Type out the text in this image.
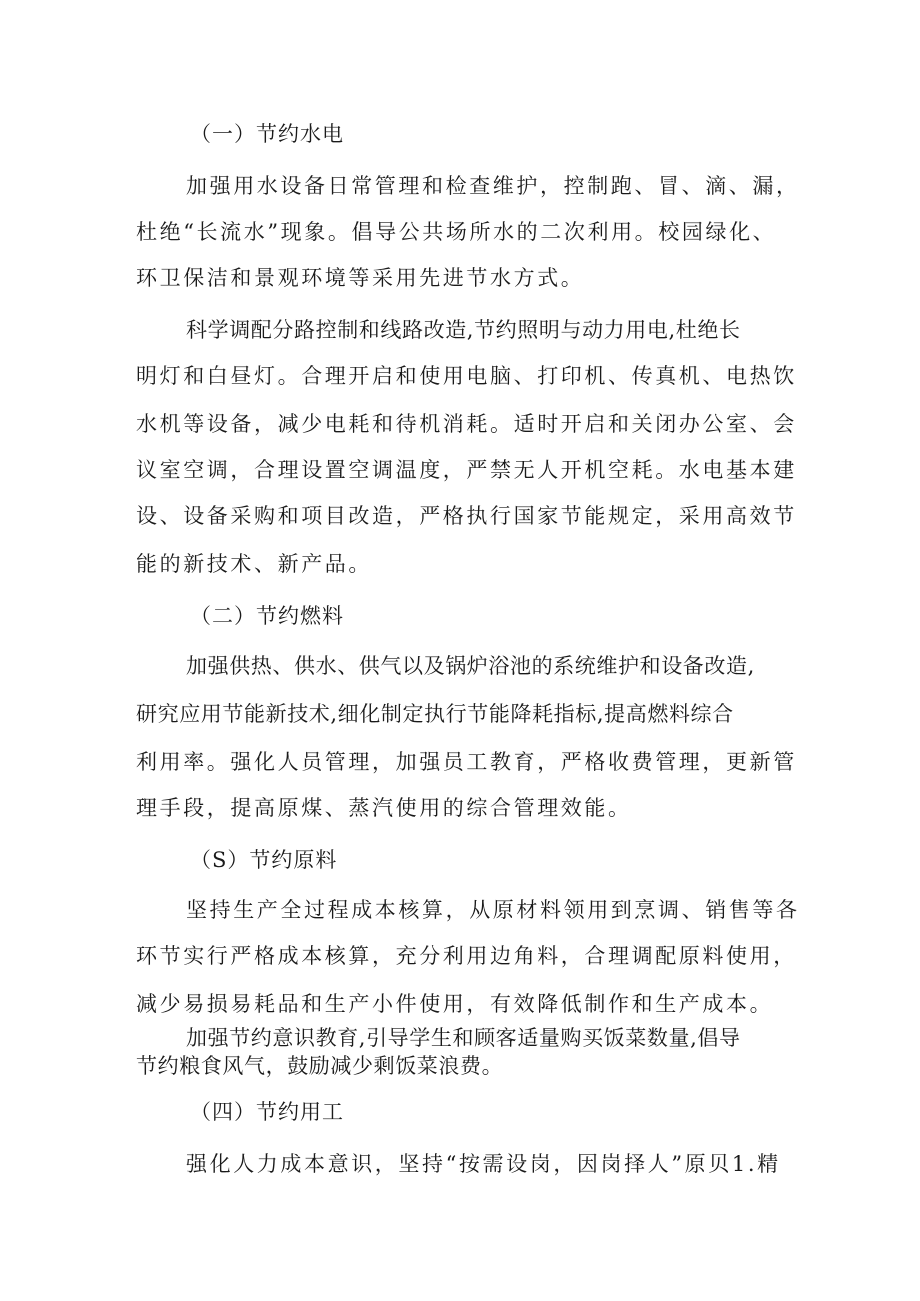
（一）节约水电

加强用水设备日常管理和检查维护，控制跑、冒、滴、漏，

杜绝“长流水”现象。倡导公共场所水的二次利用。校园绿化、

环卫保洁和景观环境等采用先进节水方式。

科学调配分路控制和线路改造,节约照明与动力用电,杜绝长

明灯和白昼灯。合理开启和使用电脑、打印机、传真机、电热饮

水机等设备，减少电耗和待机消耗。适时开启和关闭办公室、会

议室空调，合理设置空调温度，严禁无人开机空耗。水电基本建

设、设备采购和项目改造，严格执行国家节能规定，采用高效节

能的新技术、新产品。

（二）节约燃料

加强供热、供水、供气以及锅炉浴池的系统维护和设备改造,

研究应用节能新技术,细化制定执行节能降耗指标,提高燃料综合

利用率。强化人员管理，加强员工教育，严格收费管理，更新管

理手段，提高原煤、蒸汽使用的综合管理效能。

（S）节约原料

坚持生产全过程成本核算，从原材料领用到烹调、销售等各

环节实行严格成本核算，充分利用边角料，合理调配原料使用，

减少易损易耗品和生产小件使用，有效降低制作和生产成本。

加强节约意识教育,引导学生和顾客适量购买饭菜数量,倡导

节约粮食风气，鼓励减少剩饭菜浪费。

（四）节约用工

强化人力成本意识，坚持“按需设岗，因岗择人”原贝1.精
